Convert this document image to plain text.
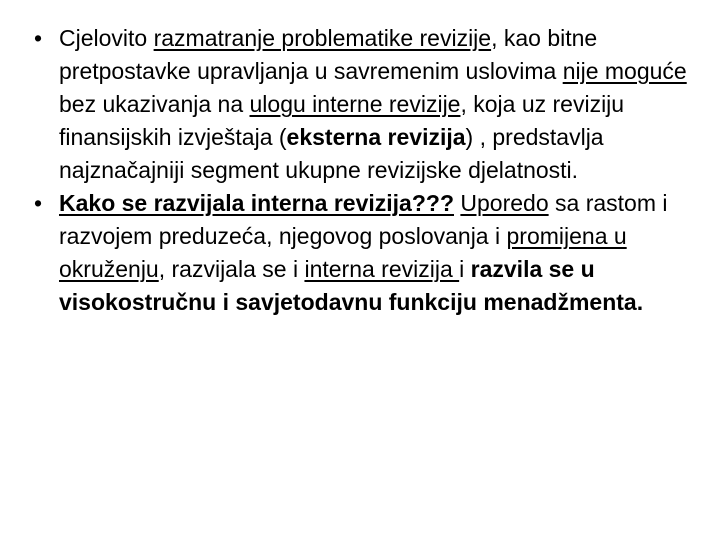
• Cjelovito razmatranje problematike revizije, kao bitne pretpostavke upravljanja u savremenim uslovima nije moguće bez ukazivanja na ulogu interne revizije, koja uz reviziju finansijskih izvještaja (eksterna revizija) , predstavlja najznačajniji segment ukupne revizijske djelatnosti.
• Kako se razvijala interna revizija??? Uporedo sa rastom i razvojem preduzeća, njegovog poslovanja i promijena u okruženju, razvijala se i interna revizija i razvila se u visokostručnu i savjetodavnu funkciju menadžmenta.
